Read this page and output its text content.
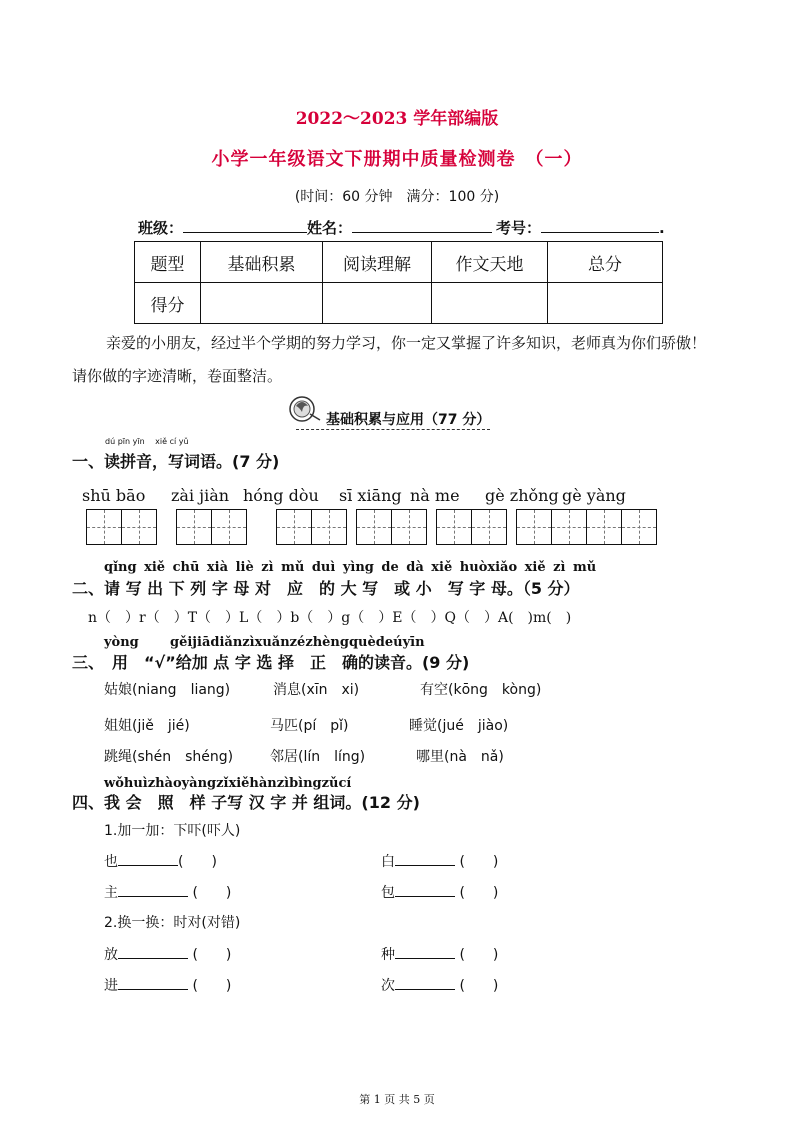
2022～2023 学年部编版
小学一年级语文下册期中质量检测卷　（一）
(时间：60 分钟　满分：100 分)
班级：	姓名：	考号：	.
题型	基础积累	阅读理解	作文天地	总分
得分				
亲爱的小朋友，经过半个学期的努力学习，你一定又掌握了许多知识，老师真为你们骄傲！
请你做的字迹清晰，卷面整洁。
基础积累与应用（77 分）
dú pīn yīn　 xiě cí yǔ
一、读拼音，写词语。(7 分)
shū bāo zài jiàn hóng dòu sī xiāng nà me gè zhǒng gè yàng
qǐng xiě chū xià liè zì mǔ duì yìng de dà xiě huòxiǎo xiě zì mǔ
二、请 写 出 下 列 字 母 对　应　的 大 写　或 小　写 字 母。（5 分）
n（　）r（　）T（　）L（　）b（　）g（　）E（　）Q（　）A(　)m(　)
yòng gěijiādiǎnzìxuǎnzézhèngquèdeúyīn
三、　用　“√”给加 点 字 选 择　正　确的读音。(9 分)
姑娘(niang　liang)	消息(xīn　xi)	有空(kōng　kòng)
姐姐(jiě　jié)	马匹(pí　pǐ)	睡觉(jué　jiào)
跳绳(shén　shéng)	邻居(lín　líng)	哪里(nà　nǎ)
wǒhuìzhàoyàngzǐxiěhànzìbìngzǔcí
四、我 会　照　样 子写 汉 字 并 组词。(12 分)
1.加一加：下吓(吓人)
也	(　　)	白	(　　)
主	(　　)	包	(　　)
2.换一换：时对(对错)
放	(　　)	种	(　　)
进	(　　)	次	(　　)
第 1 页 共 5 页
